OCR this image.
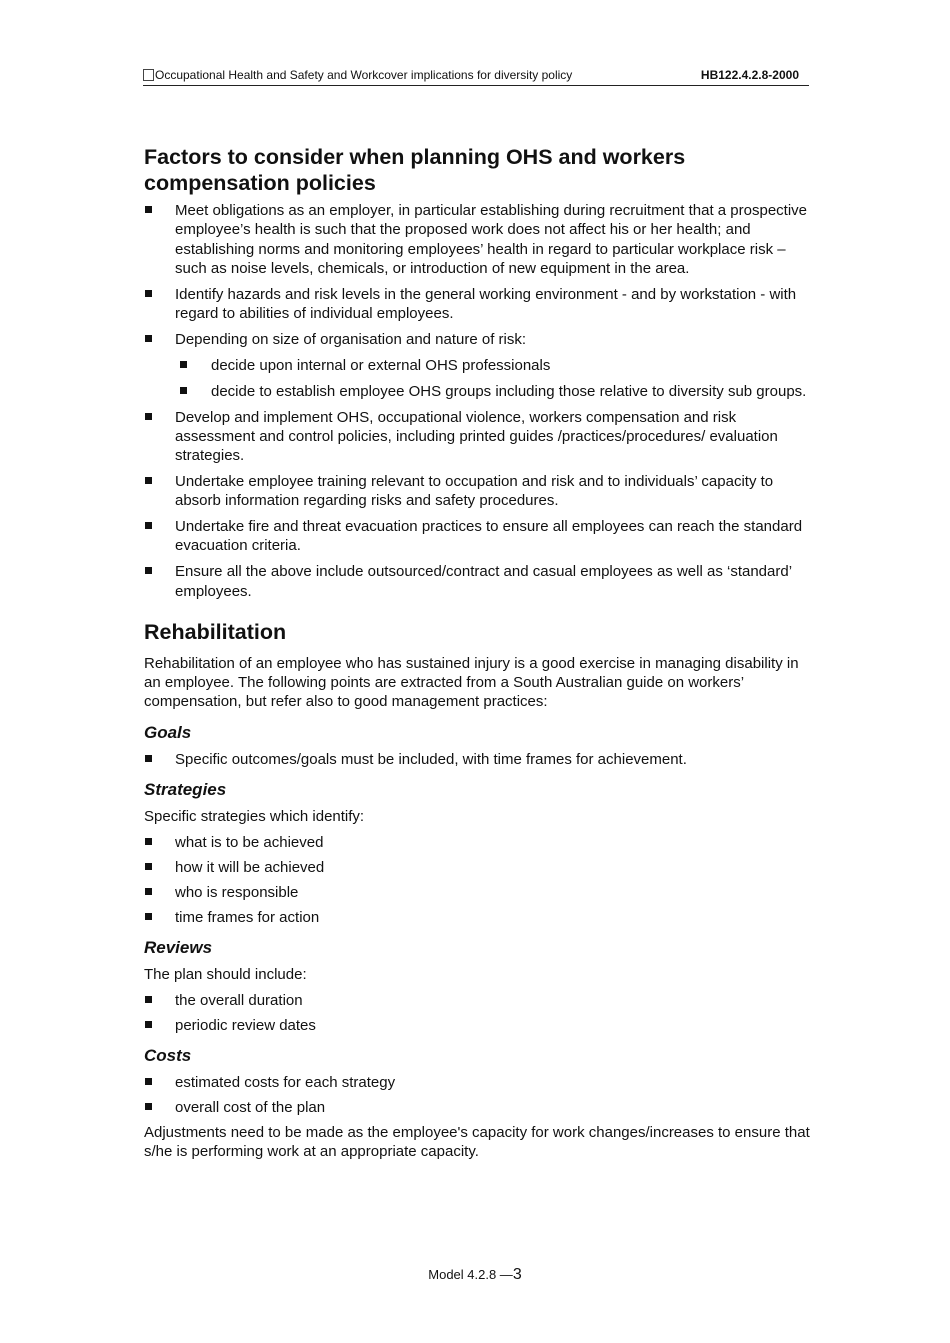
Occupational Health and Safety and Workcover implications for diversity policy	HB122.4.2.8-2000
Factors to consider when planning OHS and workers compensation policies
Meet obligations as an employer, in particular establishing during recruitment that a prospective employee’s health is such that the proposed work does not affect his or her health; and establishing norms and monitoring employees’ health in regard to particular workplace risk – such as noise levels, chemicals, or introduction of new equipment in the area.
Identify hazards and risk levels in the general working environment - and by workstation - with regard to abilities of individual employees.
Depending on size of organisation and nature of risk:
decide upon internal or external OHS professionals
decide to establish employee OHS groups including those relative to diversity sub groups.
Develop and implement OHS, occupational violence, workers compensation and risk assessment and control policies, including printed guides /practices/procedures/ evaluation strategies.
Undertake employee training relevant to occupation and risk and to individuals’ capacity to absorb information regarding risks and safety procedures.
Undertake fire and threat evacuation practices to ensure all employees can reach the standard evacuation criteria.
Ensure all the above include outsourced/contract and casual employees as well as ‘standard’ employees.
Rehabilitation

Rehabilitation of an employee who has sustained injury is a good exercise in managing disability in an employee. The following points are extracted from a South Australian guide on workers’ compensation, but refer also to good management practices:

Goals
Specific outcomes/goals must be included, with time frames for achievement.
Strategies

Specific strategies which identify:

what is to be achieved
how it will be achieved
who is responsible
time frames for action
Reviews

The plan should include:

the overall duration
periodic review dates
Costs
estimated costs for each strategy
overall cost of the plan

Adjustments need to be made as the employee's capacity for work changes/increases to ensure that s/he is performing work at an appropriate capacity.

Model 4.2.8 —3
